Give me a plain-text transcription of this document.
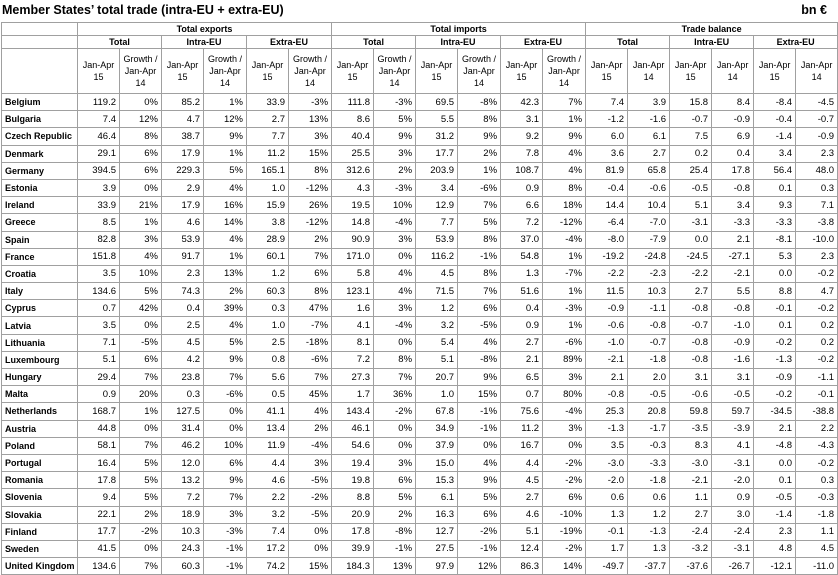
Member States’ total trade (intra-EU + extra-EU)	bn €
	Total exports						Total imports						Trade balance					
	Total		Intra-EU		Extra-EU		Total		Intra-EU		Extra-EU		Total		Intra-EU		Extra-EU	
	Jan-Apr 15	Growth / Jan-Apr 14	Jan-Apr 15	Growth / Jan-Apr 14	Jan-Apr 15	Growth / Jan-Apr 14	Jan-Apr 15	Growth / Jan-Apr 14	Jan-Apr 15	Growth / Jan-Apr 14	Jan-Apr 15	Growth / Jan-Apr 14	Jan-Apr 15	Jan-Apr 14	Jan-Apr 15	Jan-Apr 14	Jan-Apr 15	Jan-Apr 14
Belgium	119.2	0%	85.2	1%	33.9	-3%	111.8	-3%	69.5	-8%	42.3	7%	7.4	3.9	15.8	8.4	-8.4	-4.5
Bulgaria	7.4	12%	4.7	12%	2.7	13%	8.6	5%	5.5	8%	3.1	1%	-1.2	-1.6	-0.7	-0.9	-0.4	-0.7
Czech Republic	46.4	8%	38.7	9%	7.7	3%	40.4	9%	31.2	9%	9.2	9%	6.0	6.1	7.5	6.9	-1.4	-0.9
Denmark	29.1	6%	17.9	1%	11.2	15%	25.5	3%	17.7	2%	7.8	4%	3.6	2.7	0.2	0.4	3.4	2.3
Germany	394.5	6%	229.3	5%	165.1	8%	312.6	2%	203.9	1%	108.7	4%	81.9	65.8	25.4	17.8	56.4	48.0
Estonia	3.9	0%	2.9	4%	1.0	-12%	4.3	-3%	3.4	-6%	0.9	8%	-0.4	-0.6	-0.5	-0.8	0.1	0.3
Ireland	33.9	21%	17.9	16%	15.9	26%	19.5	10%	12.9	7%	6.6	18%	14.4	10.4	5.1	3.4	9.3	7.1
Greece	8.5	1%	4.6	14%	3.8	-12%	14.8	-4%	7.7	5%	7.2	-12%	-6.4	-7.0	-3.1	-3.3	-3.3	-3.8
Spain	82.8	3%	53.9	4%	28.9	2%	90.9	3%	53.9	8%	37.0	-4%	-8.0	-7.9	0.0	2.1	-8.1	-10.0
France	151.8	4%	91.7	1%	60.1	7%	171.0	0%	116.2	-1%	54.8	1%	-19.2	-24.8	-24.5	-27.1	5.3	2.3
Croatia	3.5	10%	2.3	13%	1.2	6%	5.8	4%	4.5	8%	1.3	-7%	-2.2	-2.3	-2.2	-2.1	0.0	-0.2
Italy	134.6	5%	74.3	2%	60.3	8%	123.1	4%	71.5	7%	51.6	1%	11.5	10.3	2.7	5.5	8.8	4.7
Cyprus	0.7	42%	0.4	39%	0.3	47%	1.6	3%	1.2	6%	0.4	-3%	-0.9	-1.1	-0.8	-0.8	-0.1	-0.2
Latvia	3.5	0%	2.5	4%	1.0	-7%	4.1	-4%	3.2	-5%	0.9	1%	-0.6	-0.8	-0.7	-1.0	0.1	0.2
Lithuania	7.1	-5%	4.5	5%	2.5	-18%	8.1	0%	5.4	4%	2.7	-6%	-1.0	-0.7	-0.8	-0.9	-0.2	0.2
Luxembourg	5.1	6%	4.2	9%	0.8	-6%	7.2	8%	5.1	-8%	2.1	89%	-2.1	-1.8	-0.8	-1.6	-1.3	-0.2
Hungary	29.4	7%	23.8	7%	5.6	7%	27.3	7%	20.7	9%	6.5	3%	2.1	2.0	3.1	3.1	-0.9	-1.1
Malta	0.9	20%	0.3	-6%	0.5	45%	1.7	36%	1.0	15%	0.7	80%	-0.8	-0.5	-0.6	-0.5	-0.2	-0.1
Netherlands	168.7	1%	127.5	0%	41.1	4%	143.4	-2%	67.8	-1%	75.6	-4%	25.3	20.8	59.8	59.7	-34.5	-38.8
Austria	44.8	0%	31.4	0%	13.4	2%	46.1	0%	34.9	-1%	11.2	3%	-1.3	-1.7	-3.5	-3.9	2.1	2.2
Poland	58.1	7%	46.2	10%	11.9	-4%	54.6	0%	37.9	0%	16.7	0%	3.5	-0.3	8.3	4.1	-4.8	-4.3
Portugal	16.4	5%	12.0	6%	4.4	3%	19.4	3%	15.0	4%	4.4	-2%	-3.0	-3.3	-3.0	-3.1	0.0	-0.2
Romania	17.8	5%	13.2	9%	4.6	-5%	19.8	6%	15.3	9%	4.5	-2%	-2.0	-1.8	-2.1	-2.0	0.1	0.3
Slovenia	9.4	5%	7.2	7%	2.2	-2%	8.8	5%	6.1	5%	2.7	6%	0.6	0.6	1.1	0.9	-0.5	-0.3
Slovakia	22.1	2%	18.9	3%	3.2	-5%	20.9	2%	16.3	6%	4.6	-10%	1.3	1.2	2.7	3.0	-1.4	-1.8
Finland	17.7	-2%	10.3	-3%	7.4	0%	17.8	-8%	12.7	-2%	5.1	-19%	-0.1	-1.3	-2.4	-2.4	2.3	1.1
Sweden	41.5	0%	24.3	-1%	17.2	0%	39.9	-1%	27.5	-1%	12.4	-2%	1.7	1.3	-3.2	-3.1	4.8	4.5
United Kingdom	134.6	7%	60.3	-1%	74.2	15%	184.3	13%	97.9	12%	86.3	14%	-49.7	-37.7	-37.6	-26.7	-12.1	-11.0
